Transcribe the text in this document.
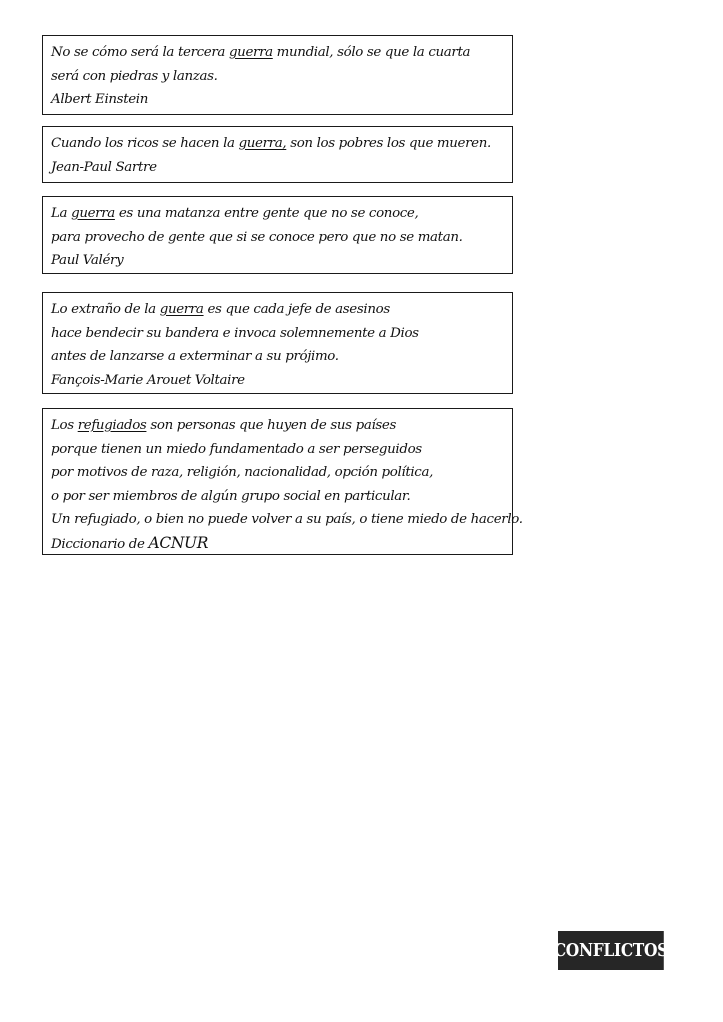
No se cómo será la tercera guerra mundial, sólo se que la cuarta
será con piedras y lanzas.
Albert Einstein
Cuando los ricos se hacen la guerra, son los pobres los que mueren.
Jean-Paul Sartre
La guerra es una matanza entre gente que no se conoce,
para provecho de gente que si se conoce pero que no se matan.
Paul Valéry
Lo extraño de la guerra es que cada jefe de asesinos
hace bendecir su bandera e invoca solemnemente a Dios
antes de lanzarse a exterminar a su prójimo.
Fançois-Marie Arouet Voltaire
Los refugiados son personas que huyen de sus países
porque tienen un miedo fundamentado a ser perseguidos
por motivos de raza, religión, nacionalidad, opción política,
o por ser miembros de algún grupo social en particular.
Un refugiado, o bien no puede volver a su país, o tiene miedo de hacerlo.
Diccionario de ACNUR
CONFLICTOS
